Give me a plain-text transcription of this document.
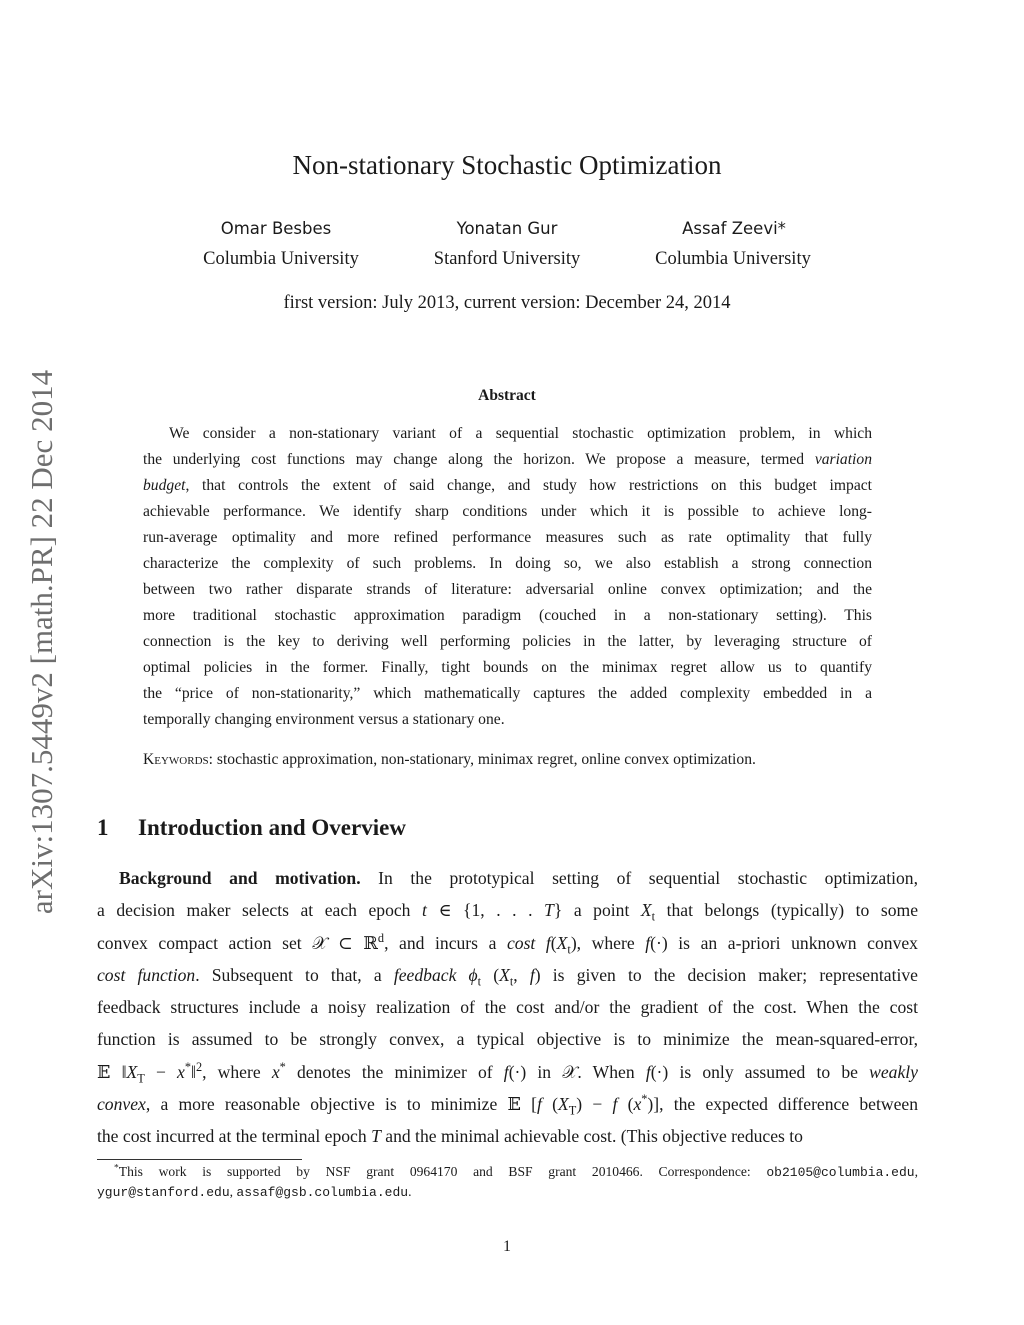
arXiv:1307.5449v2 [math.PR] 22 Dec 2014
Non-stationary Stochastic Optimization
Omar Besbes	Yonatan Gur	Assaf Zeevi*
Columbia University	Stanford University	Columbia University
first version: July 2013, current version: December 24, 2014
Abstract
We consider a non-stationary variant of a sequential stochastic optimization problem, in which
the underlying cost functions may change along the horizon. We propose a measure, termed variation
budget, that controls the extent of said change, and study how restrictions on this budget impact
achievable performance. We identify sharp conditions under which it is possible to achieve long-
run-average optimality and more refined performance measures such as rate optimality that fully
characterize the complexity of such problems. In doing so, we also establish a strong connection
between two rather disparate strands of literature: adversarial online convex optimization; and the
more traditional stochastic approximation paradigm (couched in a non-stationary setting). This
connection is the key to deriving well performing policies in the latter, by leveraging structure of
optimal policies in the former. Finally, tight bounds on the minimax regret allow us to quantify
the “price of non-stationarity,” which mathematically captures the added complexity embedded in a
temporally changing environment versus a stationary one.
Keywords: stochastic approximation, non-stationary, minimax regret, online convex optimization.
1 Introduction and Overview
Background and motivation. In the prototypical setting of sequential stochastic optimization,
a decision maker selects at each epoch t ∈ {1, . . . T} a point $X_t$ that belongs (typically) to some
convex compact action set 𝒳 ⊂ ℝ$^d$, and incurs a cost $f(X_t)$, where f(·) is an a-priori unknown convex
cost function. Subsequent to that, a feedback $\phi_t$ ($X_t$, f) is given to the decision maker; representative
feedback structures include a noisy realization of the cost and/or the gradient of the cost. When the cost
function is assumed to be strongly convex, a typical objective is to minimize the mean-squared-error,
𝔼 $‖X_T$ − x*‖$^2$, where x* denotes the minimizer of f(·) in 𝒳. When f(·) is only assumed to be weakly
convex, a more reasonable objective is to minimize 𝔼 [f $(X_T) - f$ (x*)], the expected difference between
the cost incurred at the terminal epoch T and the minimal achievable cost. (This objective reduces to
*This work is supported by NSF grant 0964170 and BSF grant 2010466. Correspondence: ob2105@columbia.edu,
ygur@stanford.edu, assaf@gsb.columbia.edu.
1
